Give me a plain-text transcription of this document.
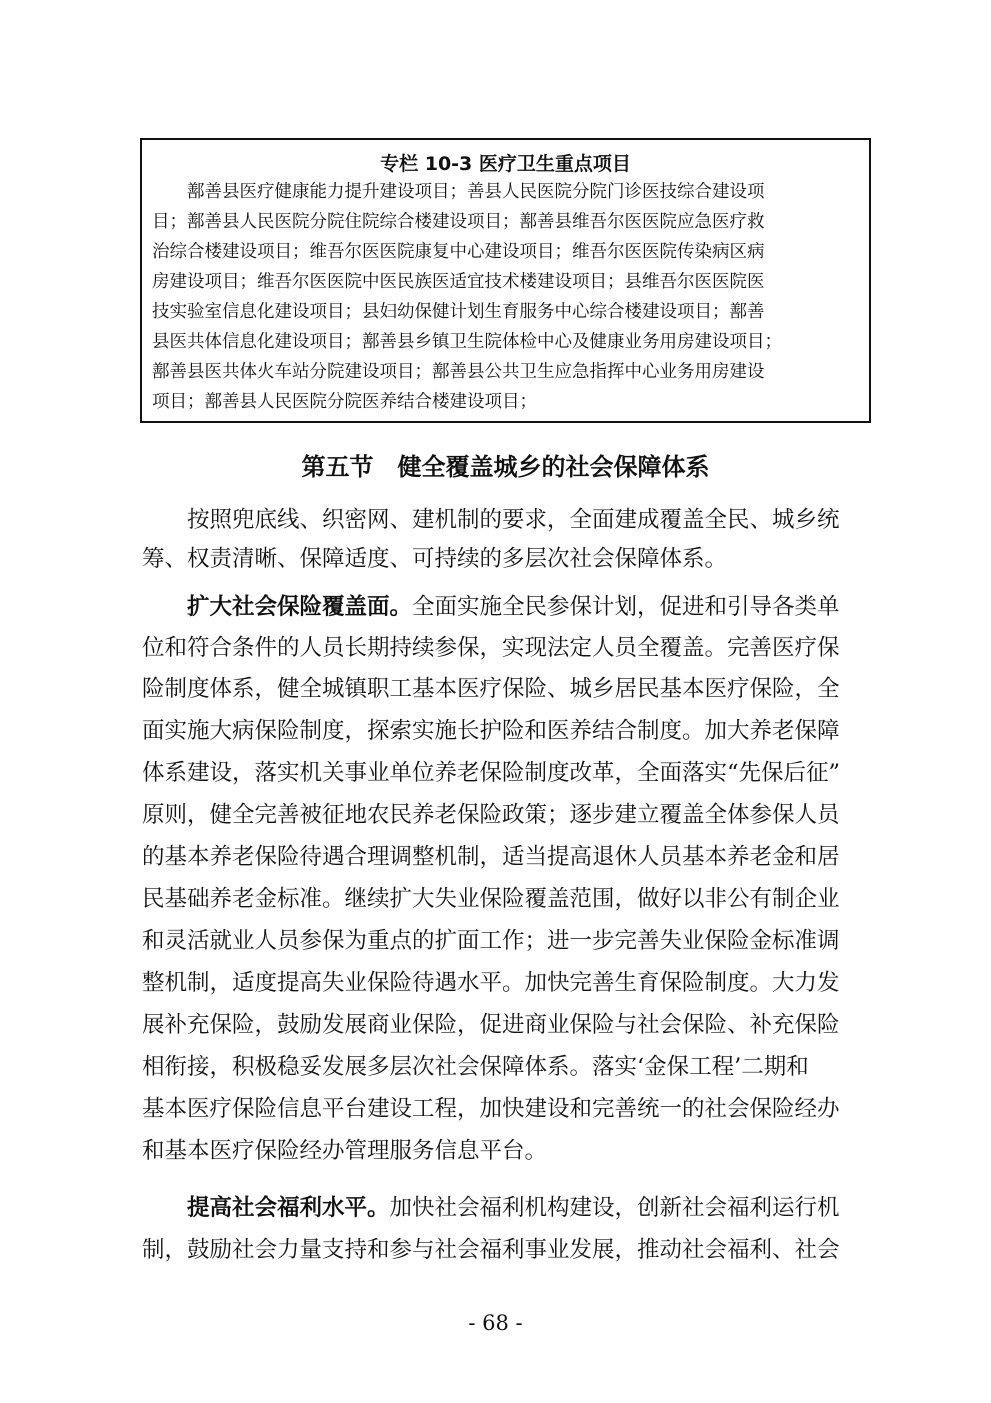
专栏 10-3 医疗卫生重点项目
　　鄯善县医疗健康能力提升建设项目；善县人民医院分院门诊医技综合建设项
目；鄯善县人民医院分院住院综合楼建设项目；鄯善县维吾尔医医院应急医疗救
治综合楼建设项目；维吾尔医医院康复中心建设项目；维吾尔医医院传染病区病
房建设项目；维吾尔医医院中医民族医适宜技术楼建设项目；县维吾尔医医院医
技实验室信息化建设项目；县妇幼保健计划生育服务中心综合楼建设项目；鄯善
县医共体信息化建设项目；鄯善县乡镇卫生院体检中心及健康业务用房建设项目；
鄯善县医共体火车站分院建设项目；鄯善县公共卫生应急指挥中心业务用房建设
项目；鄯善县人民医院分院医养结合楼建设项目；
第五节　健全覆盖城乡的社会保障体系
　　按照兜底线、织密网、建机制的要求，全面建成覆盖全民、城乡统
筹、权责清晰、保障适度、可持续的多层次社会保障体系。
　　扩大社会保险覆盖面。全面实施全民参保计划，促进和引导各类单
位和符合条件的人员长期持续参保，实现法定人员全覆盖。完善医疗保
险制度体系，健全城镇职工基本医疗保险、城乡居民基本医疗保险，全
面实施大病保险制度，探索实施长护险和医养结合制度。加大养老保障
体系建设，落实机关事业单位养老保险制度改革，全面落实“先保后征”
原则，健全完善被征地农民养老保险政策；逐步建立覆盖全体参保人员
的基本养老保险待遇合理调整机制，适当提高退休人员基本养老金和居
民基础养老金标准。继续扩大失业保险覆盖范围，做好以非公有制企业
和灵活就业人员参保为重点的扩面工作；进一步完善失业保险金标准调
整机制，适度提高失业保险待遇水平。加快完善生育保险制度。大力发
展补充保险，鼓励发展商业保险，促进商业保险与社会保险、补充保险
相衔接，积极稳妥发展多层次社会保障体系。落实‘金保工程’二期和
基本医疗保险信息平台建设工程，加快建设和完善统一的社会保险经办
和基本医疗保险经办管理服务信息平台。
　　提高社会福利水平。加快社会福利机构建设，创新社会福利运行机
制，鼓励社会力量支持和参与社会福利事业发展，推动社会福利、社会
- 68 -
